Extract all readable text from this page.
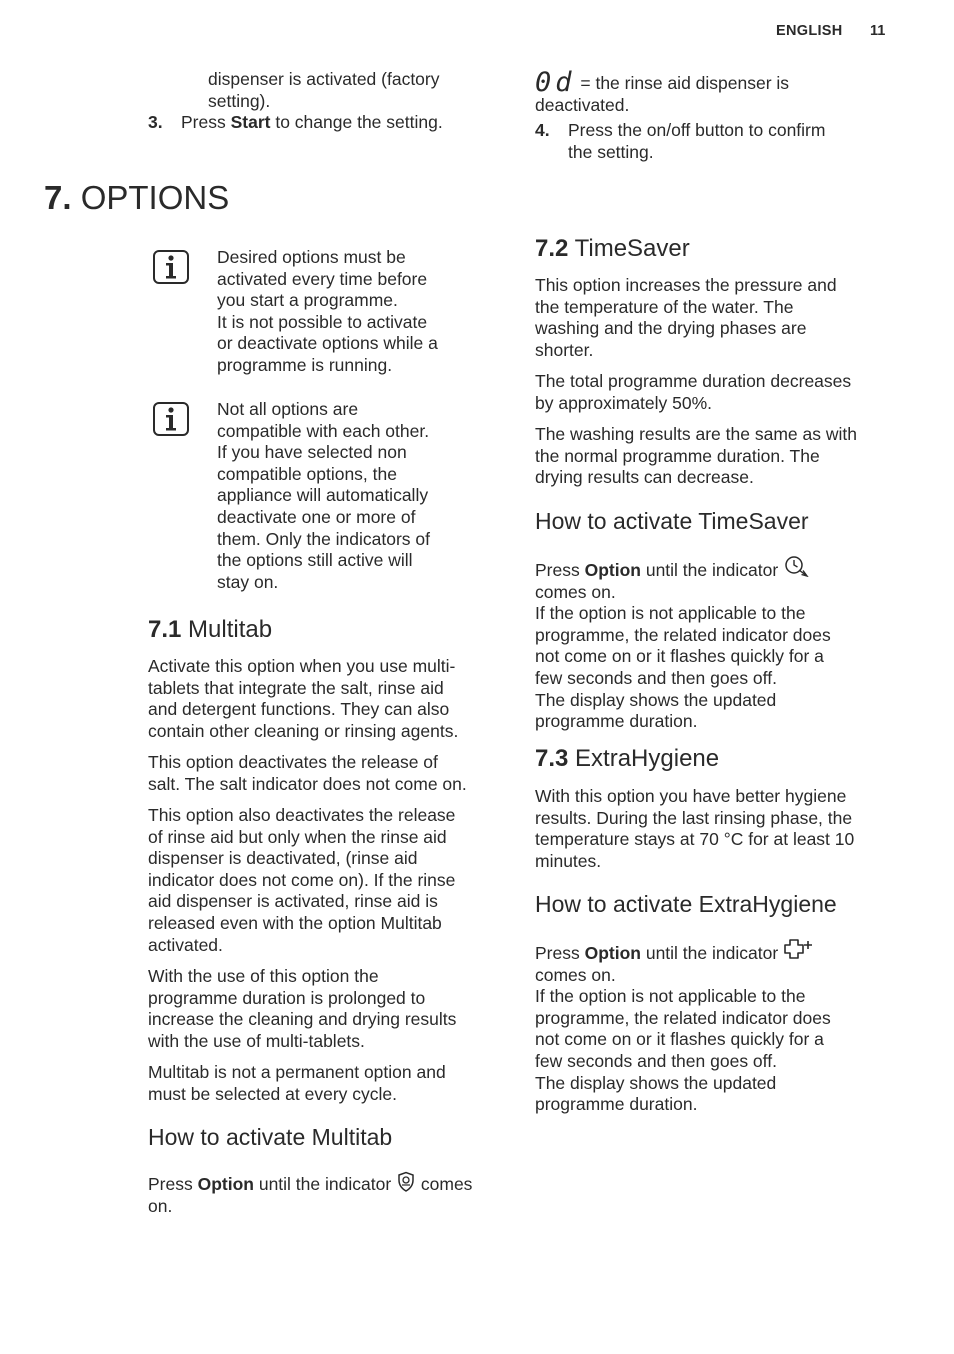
ENGLISH 11
dispenser is activated (factory
setting).
3. Press Start to change the setting.
0d = the rinse aid dispenser is
deactivated.
4. Press the on/off button to confirm
the setting.
7. OPTIONS
Desired options must be
activated every time before
you start a programme.
It is not possible to activate
or deactivate options while a
programme is running.
Not all options are
compatible with each other.
If you have selected non
compatible options, the
appliance will automatically
deactivate one or more of
them. Only the indicators of
the options still active will
stay on.
7.1 Multitab
Activate this option when you use multi-
tablets that integrate the salt, rinse aid
and detergent functions. They can also
contain other cleaning or rinsing agents.
This option deactivates the release of
salt. The salt indicator does not come on.
This option also deactivates the release
of rinse aid but only when the rinse aid
dispenser is deactivated, (rinse aid
indicator does not come on). If the rinse
aid dispenser is activated, rinse aid is
released even with the option Multitab
activated.
With the use of this option the
programme duration is prolonged to
increase the cleaning and drying results
with the use of multi-tablets.
Multitab is not a permanent option and
must be selected at every cycle.
How to activate Multitab
Press Option until the indicator  comes
on.
7.2 TimeSaver
This option increases the pressure and
the temperature of the water. The
washing and the drying phases are
shorter.
The total programme duration decreases
by approximately 50%.
The washing results are the same as with
the normal programme duration. The
drying results can decrease.
How to activate TimeSaver
Press Option until the indicator
comes on.
If the option is not applicable to the
programme, the related indicator does
not come on or it flashes quickly for a
few seconds and then goes off.
The display shows the updated
programme duration.
7.3 ExtraHygiene
With this option you have better hygiene
results. During the last rinsing phase, the
temperature stays at 70 °C for at least 10
minutes.
How to activate ExtraHygiene
Press Option until the indicator
comes on.
If the option is not applicable to the
programme, the related indicator does
not come on or it flashes quickly for a
few seconds and then goes off.
The display shows the updated
programme duration.
